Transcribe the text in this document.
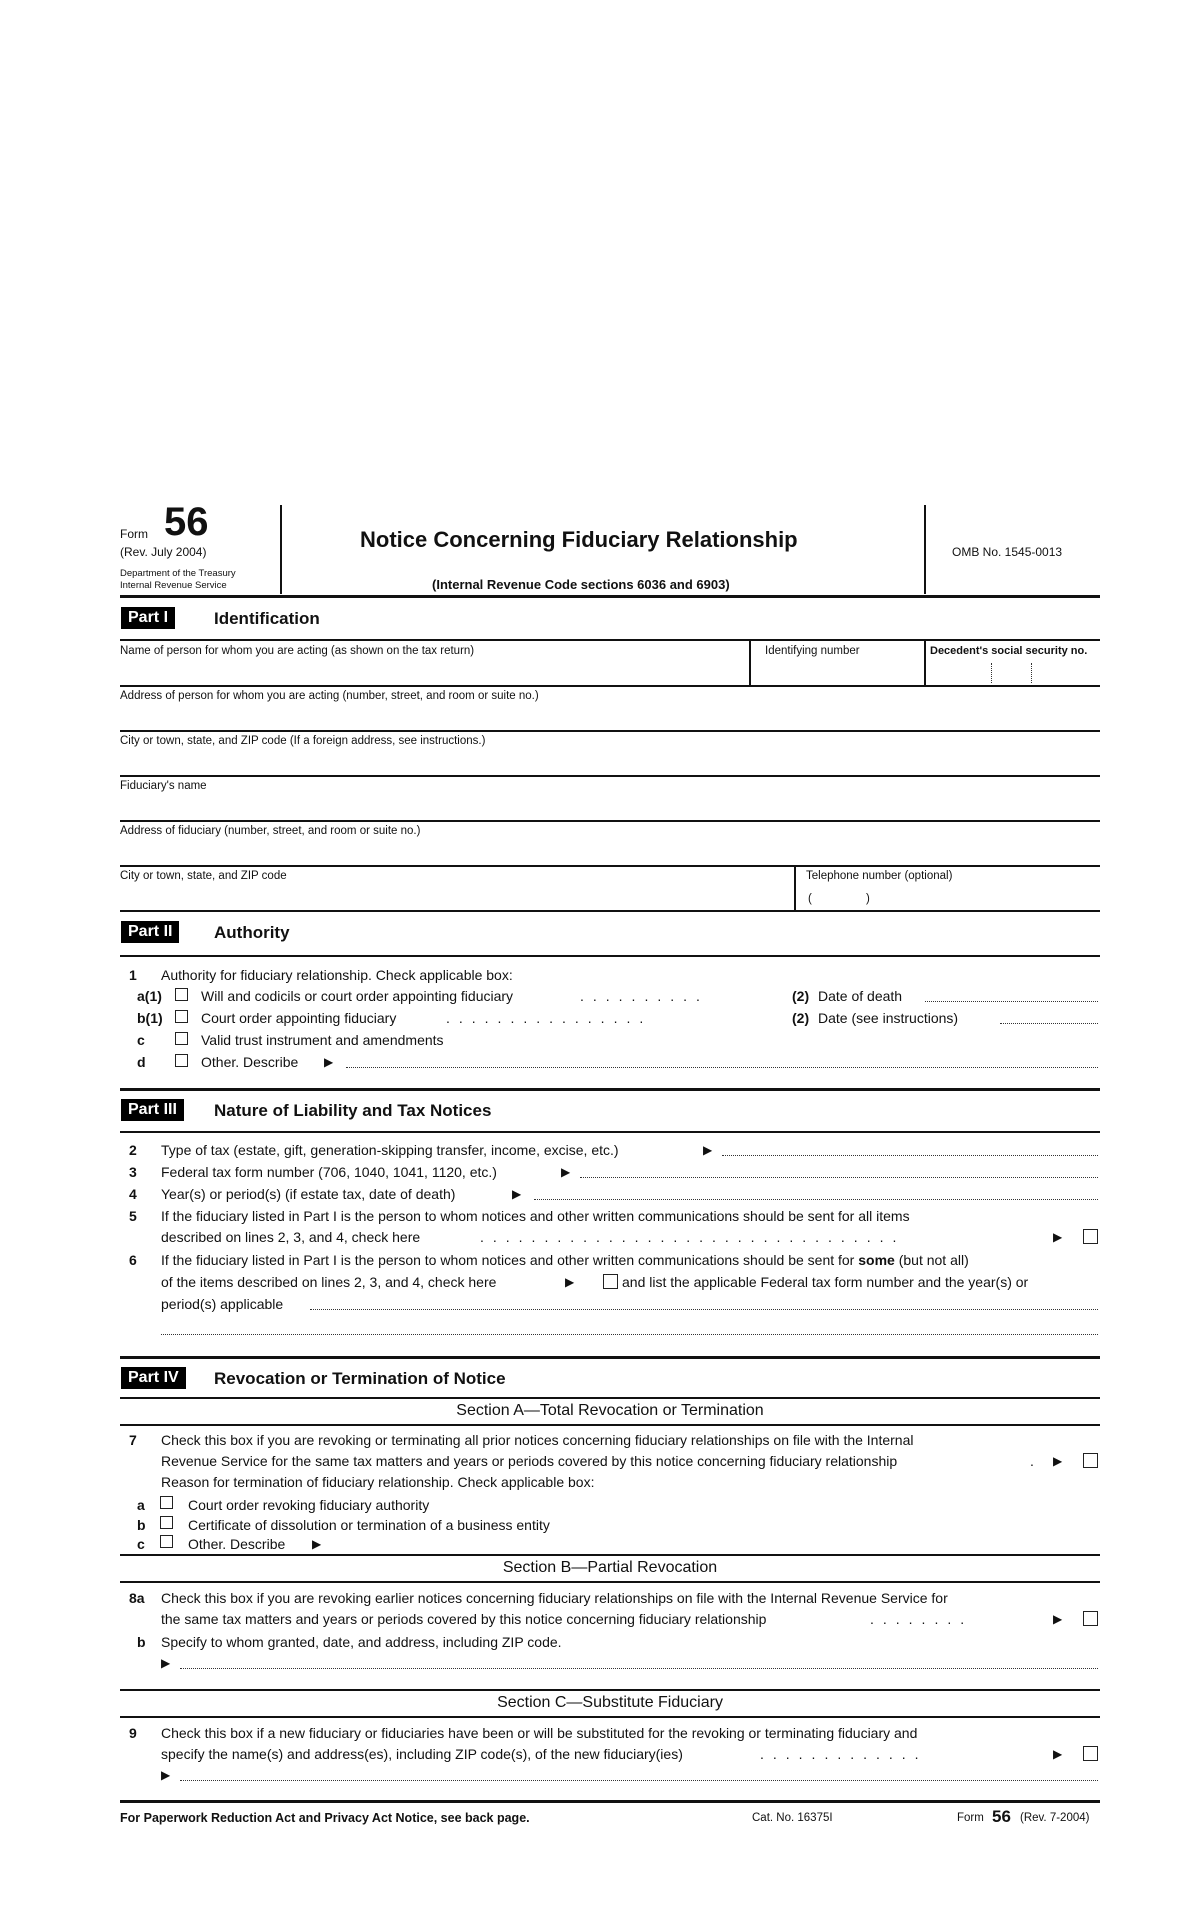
Form 56
(Rev. July 2004)
Department of the Treasury
Internal Revenue Service
Notice Concerning Fiduciary Relationship
(Internal Revenue Code sections 6036 and 6903)
OMB No. 1545-0013
Part I	Identification
Name of person for whom you are acting (as shown on the tax return)	Identifying number	Decedent's social security no.
Address of person for whom you are acting (number, street, and room or suite no.)
City or town, state, and ZIP code (If a foreign address, see instructions.)
Fiduciary's name
Address of fiduciary (number, street, and room or suite no.)
City or town, state, and ZIP code	Telephone number (optional)
(	)
Part II	Authority
1 Authority for fiduciary relationship. Check applicable box:
a(1)	Will and codicils or court order appointing fiduciary	..........	(2) Date of death
b(1)	Court order appointing fiduciary	................	(2) Date (see instructions)
c	Valid trust instrument and amendments
d	Other. Describe ▶
Part III	Nature of Liability and Tax Notices
2 Type of tax (estate, gift, generation-skipping transfer, income, excise, etc.)	▶
3 Federal tax form number (706, 1040, 1041, 1120, etc.)	▶
4 Year(s) or period(s) (if estate tax, date of death)	▶
5 If the fiduciary listed in Part I is the person to whom notices and other written communications should be sent for all items
described on lines 2, 3, and 4, check here	.................................	▶
6 If the fiduciary listed in Part I is the person to whom notices and other written communications should be sent for some (but not all)
of the items described on lines 2, 3, and 4, check here	▶	and list the applicable Federal tax form number and the year(s) or
period(s) applicable
Part IV	Revocation or Termination of Notice
Section A—Total Revocation or Termination
7 Check this box if you are revoking or terminating all prior notices concerning fiduciary relationships on file with the Internal
Revenue Service for the same tax matters and years or periods covered by this notice concerning fiduciary relationship	. ▶
Reason for termination of fiduciary relationship. Check applicable box:
a	Court order revoking fiduciary authority
b	Certificate of dissolution or termination of a business entity
c	Other. Describe ▶
Section B—Partial Revocation
8a Check this box if you are revoking earlier notices concerning fiduciary relationships on file with the Internal Revenue Service for
the same tax matters and years or periods covered by this notice concerning fiduciary relationship	........	▶
b Specify to whom granted, date, and address, including ZIP code.
▶
Section C—Substitute Fiduciary
9 Check this box if a new fiduciary or fiduciaries have been or will be substituted for the revoking or terminating fiduciary and
specify the name(s) and address(es), including ZIP code(s), of the new fiduciary(ies)	.............	▶
▶
For Paperwork Reduction Act and Privacy Act Notice, see back page.	Cat. No. 16375I	Form 56 (Rev. 7-2004)
